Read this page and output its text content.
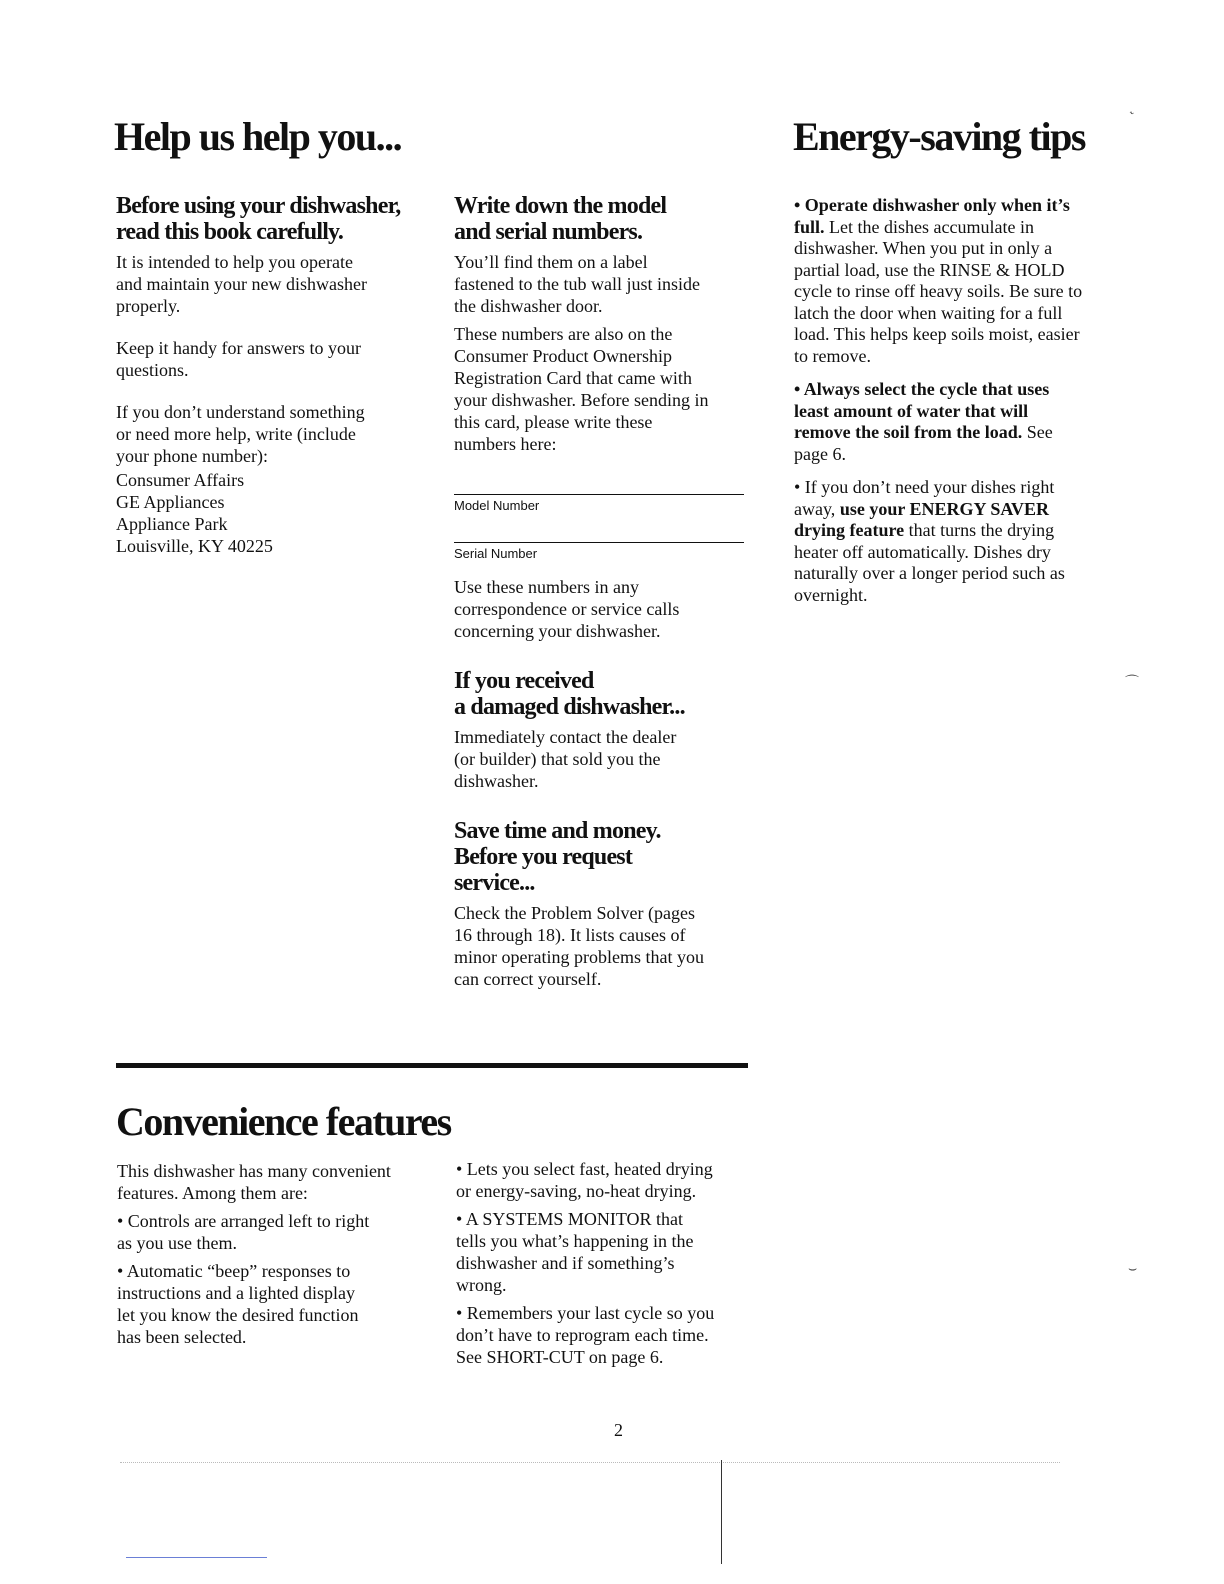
Help us help you...	Energy-saving tips
Before using your dishwasher,
read this book carefully.

It is intended to help you operate
and maintain your new dishwasher
properly.

Keep it handy for answers to your
questions.

If you don’t understand something
or need more help, write (include
your phone number):

Consumer Affairs
GE Appliances
Appliance Park
Louisville, KY 40225

Write down the model
and serial numbers.

You’ll find them on a label
fastened to the tub wall just inside
the dishwasher door.

These numbers are also on the
Consumer Product Ownership
Registration Card that came with
your dishwasher. Before sending in
this card, please write these
numbers here:

Model Number
Serial Number

Use these numbers in any
correspondence or service calls
concerning your dishwasher.

If you received
a damaged dishwasher...

Immediately contact the dealer
(or builder) that sold you the
dishwasher.

Save time and money.
Before you request
service...

Check the Problem Solver (pages
16 through 18). It lists causes of
minor operating problems that you
can correct yourself.

• Operate dishwasher only when it’s full. Let the dishes accumulate in dishwasher. When you put in only a partial load, use the RINSE & HOLD cycle to rinse off heavy soils. Be sure to latch the door when waiting for a full load. This helps keep soils moist, easier to remove.

• Always select the cycle that uses least amount of water that will remove the soil from the load. See page 6.

• If you don’t need your dishes right away, use your ENERGY SAVER drying feature that turns the drying heater off automatically. Dishes dry naturally over a longer period such as overnight.

Convenience features

This dishwasher has many convenient
features. Among them are:

• Controls are arranged left to right
as you use them.

• Automatic “beep” responses to
instructions and a lighted display
let you know the desired function
has been selected.

• Lets you select fast, heated drying
or energy-saving, no-heat drying.

• A SYSTEMS MONITOR that
tells you what’s happening in the
dishwasher and if something’s
wrong.

• Remembers your last cycle so you
don’t have to reprogram each time.
See SHORT-CUT on page 6.

2
˞
⌒
⌣
